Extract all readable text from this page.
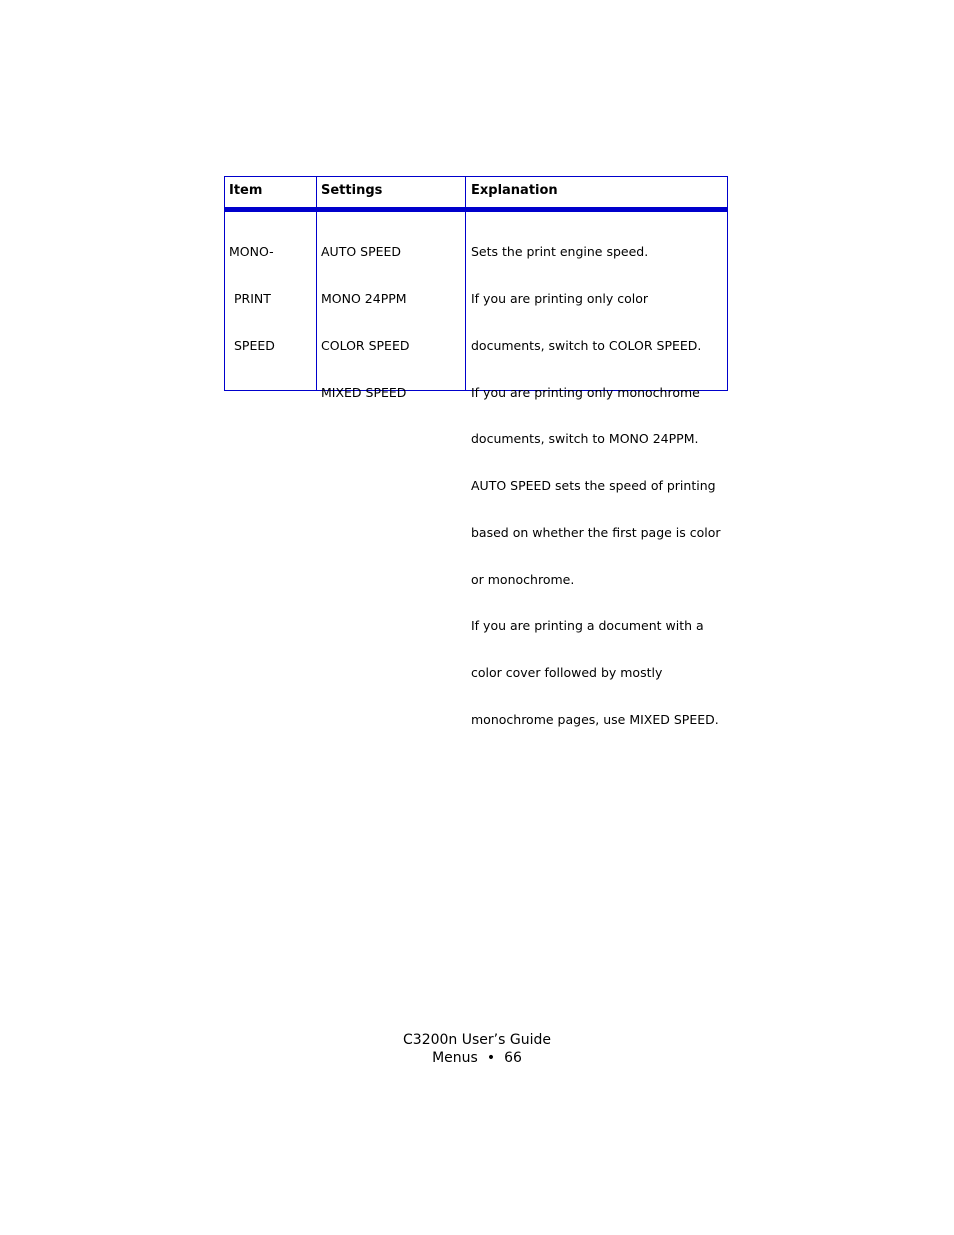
Item	Settings	Explanation

MONO-

PRINT

SPEED

AUTO SPEED

MONO 24PPM

COLOR SPEED

MIXED SPEED

Sets the print engine speed.

If you are printing only color

documents, switch to COLOR SPEED.

If you are printing only monochrome

documents, switch to MONO 24PPM.

AUTO SPEED sets the speed of printing

based on whether the first page is color

or monochrome.

If you are printing a document with a

color cover followed by mostly

monochrome pages, use MIXED SPEED.

C3200n User’s Guide
Menus • 66
